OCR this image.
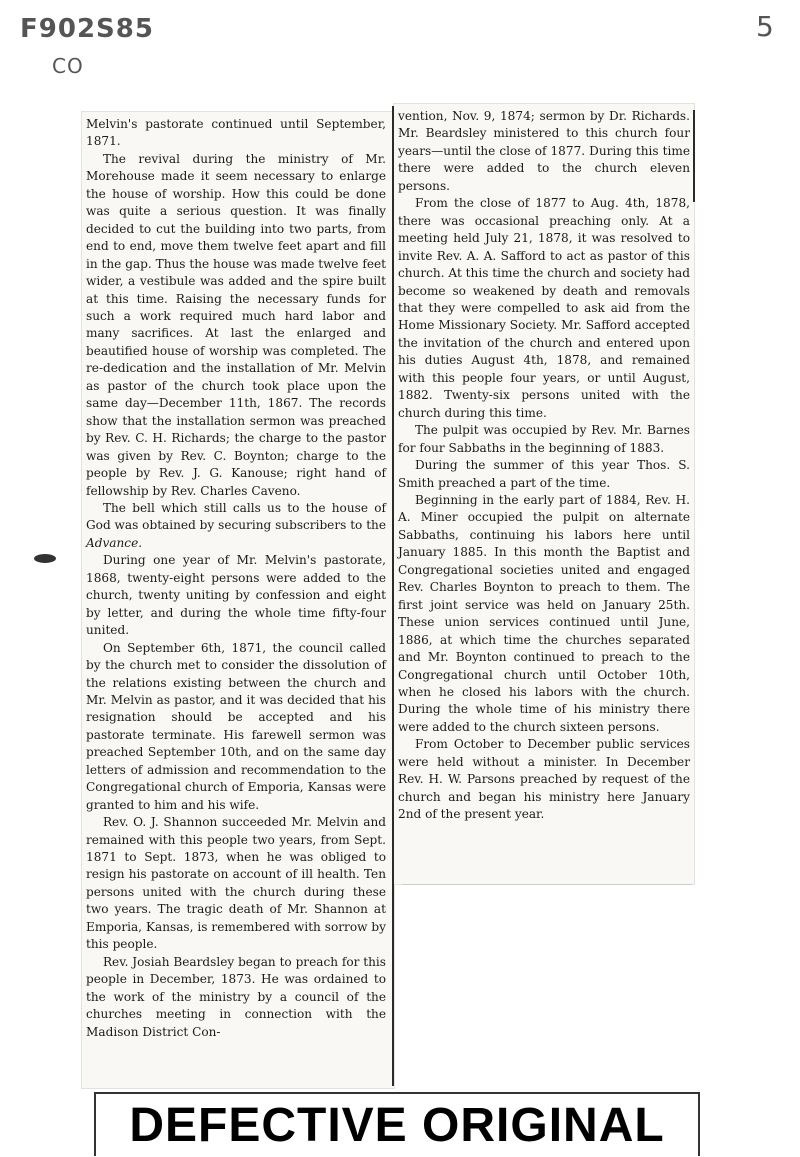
F902S85
CO
5

Melvin's pastorate continued until September, 1871.

The revival during the ministry of Mr. Morehouse made it seem necessary to enlarge the house of worship. How this could be done was quite a serious question. It was finally decided to cut the building into two parts, from end to end, move them twelve feet apart and fill in the gap. Thus the house was made twelve feet wider, a vestibule was added and the spire built at this time. Raising the necessary funds for such a work required much hard labor and many sacrifices. At last the enlarged and beautified house of worship was completed. The re-dedication and the installation of Mr. Melvin as pastor of the church took place upon the same day—December 11th, 1867. The records show that the installation sermon was preached by Rev. C. H. Richards; the charge to the pastor was given by Rev. C. Boynton; charge to the people by Rev. J. G. Kanouse; right hand of fellowship by Rev. Charles Caveno.

The bell which still calls us to the house of God was obtained by securing subscribers to the Advance.

During one year of Mr. Melvin's pastorate, 1868, twenty-eight persons were added to the church, twenty uniting by confession and eight by letter, and during the whole time fifty-four united.

On September 6th, 1871, the council called by the church met to consider the dissolution of the relations existing between the church and Mr. Melvin as pastor, and it was decided that his resignation should be accepted and his pastorate terminate. His farewell sermon was preached September 10th, and on the same day letters of admission and recommendation to the Congregational church of Emporia, Kansas were granted to him and his wife.

Rev. O. J. Shannon succeeded Mr. Melvin and remained with this people two years, from Sept. 1871 to Sept. 1873, when he was obliged to resign his pastorate on account of ill health. Ten persons united with the church during these two years. The tragic death of Mr. Shannon at Emporia, Kansas, is remembered with sorrow by this people.

Rev. Josiah Beardsley began to preach for this people in December, 1873. He was ordained to the work of the ministry by a council of the churches meeting in connection with the Madison District Con-

vention, Nov. 9, 1874; sermon by Dr. Richards. Mr. Beardsley ministered to this church four years—until the close of 1877. During this time there were added to the church eleven persons.

From the close of 1877 to Aug. 4th, 1878, there was occasional preaching only. At a meeting held July 21, 1878, it was resolved to invite Rev. A. A. Safford to act as pastor of this church. At this time the church and society had become so weakened by death and removals that they were compelled to ask aid from the Home Missionary Society. Mr. Safford accepted the invitation of the church and entered upon his duties August 4th, 1878, and remained with this people four years, or until August, 1882. Twenty-six persons united with the church during this time.

The pulpit was occupied by Rev. Mr. Barnes for four Sabbaths in the beginning of 1883.

During the summer of this year Thos. S. Smith preached a part of the time.

Beginning in the early part of 1884, Rev. H. A. Miner occupied the pulpit on alternate Sabbaths, continuing his labors here until January 1885. In this month the Baptist and Congregational societies united and engaged Rev. Charles Boynton to preach to them. The first joint service was held on January 25th. These union services continued until June, 1886, at which time the churches separated and Mr. Boynton continued to preach to the Congregational church until October 10th, when he closed his labors with the church. During the whole time of his ministry there were added to the church sixteen persons.

From October to December public services were held without a minister. In December Rev. H. W. Parsons preached by request of the church and began his ministry here January 2nd of the present year.

DEFECTIVE ORIGINAL
